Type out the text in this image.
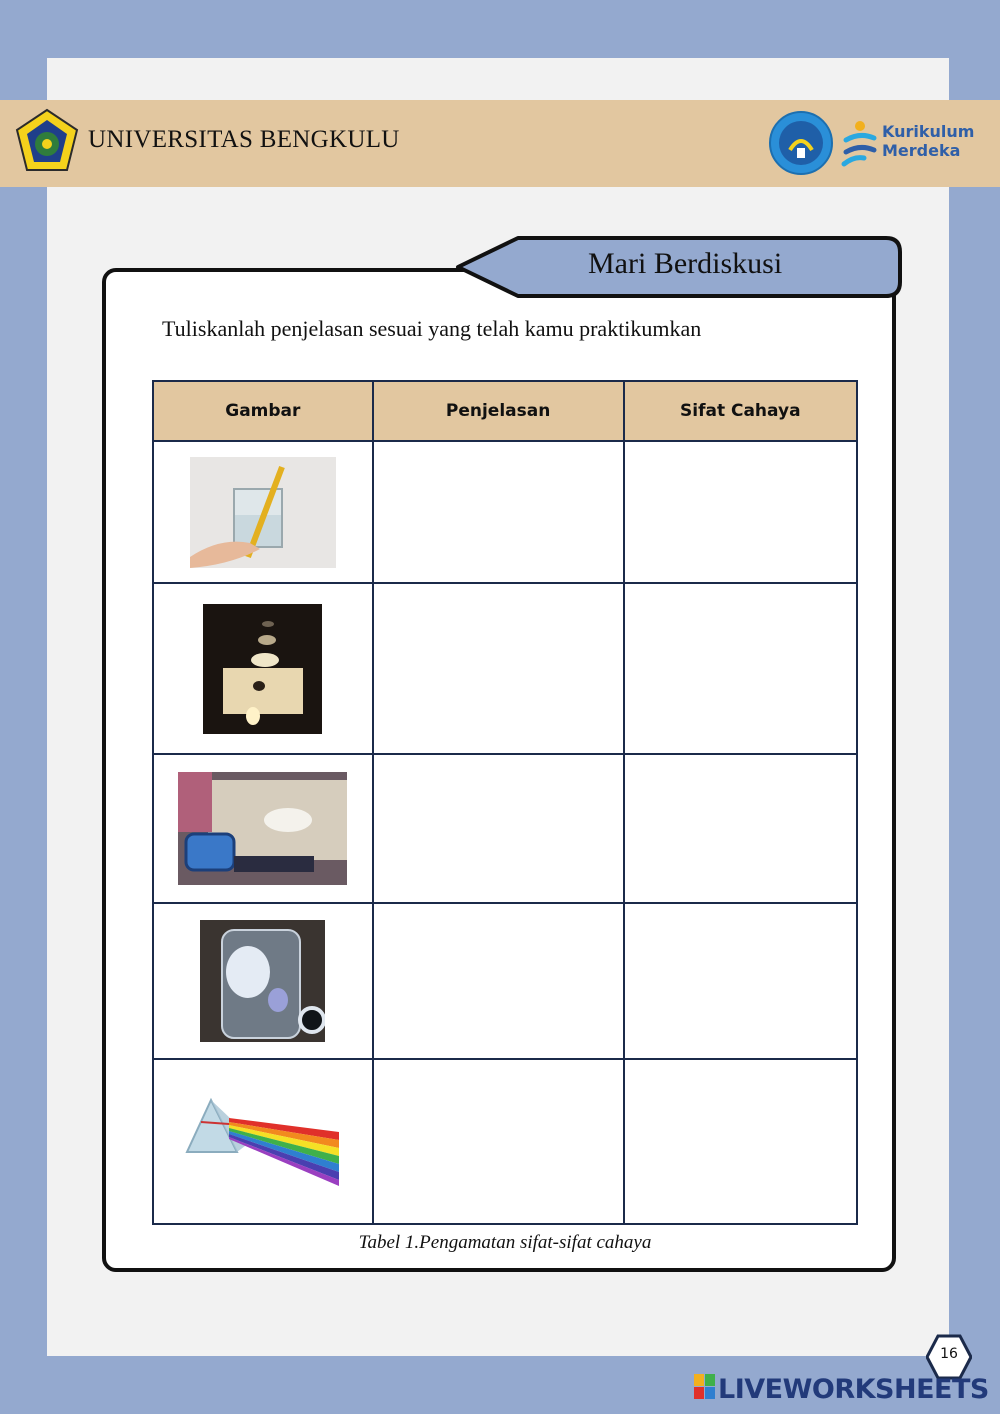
UNIVERSITAS BENGKULU	Kurikulum
Merdeka
Mari Berdiskusi
Tuliskanlah penjelasan sesuai yang telah kamu praktikumkan
Gambar	Penjelasan	Sifat Cahaya

Tabel 1.Pengamatan sifat-sifat cahaya
16
LIVEWORKSHEETS
